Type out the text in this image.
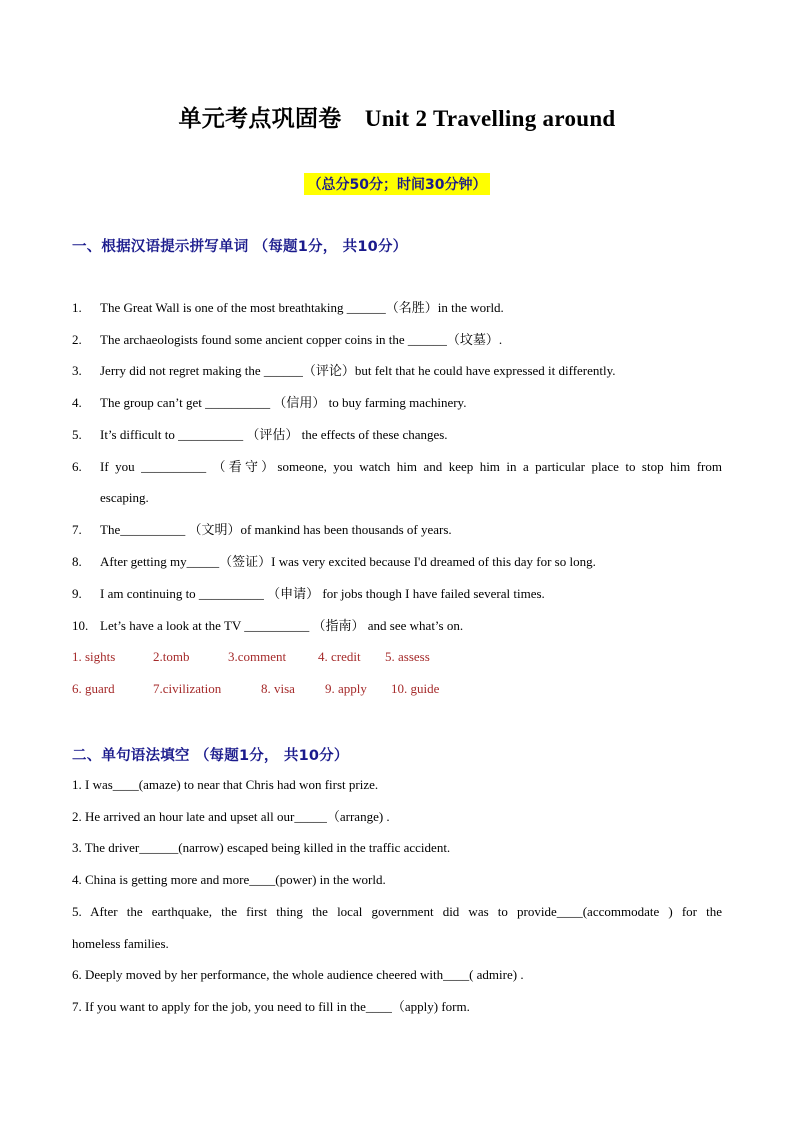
单元考点巩固卷　Unit 2 Travelling around
（总分50分；时间30分钟）
一、根据汉语提示拼写单词 （每题1分， 共10分）
1. The Great Wall is one of the most breathtaking ______（名胜）in the world.
2. The archaeologists found some ancient copper coins in the ______（坟墓）.
3. Jerry did not regret making the ______（评论）but felt that he could have expressed it differently.
4. The group can’t get __________ （信用） to buy farming machinery.
5. It’s difficult to __________ （评估） the effects of these changes.
6.	If you __________ （看守）someone, you watch him and keep him in a particular place to stop him from
escaping.
7. The__________ （文明）of mankind has been thousands of years.
8. After getting my_____（签证）I was very excited because I'd dreamed of this day for so long.
9. I am continuing to __________ （申请） for jobs though I have failed several times.
10. Let’s have a look at the TV __________ （指南） and see what’s on.
1. sights	2.tomb	3.comment 4. credit 5. assess
6. guard	7.civilization	8. visa 9. apply 10. guide
二、单句语法填空 （每题1分， 共10分）
1. I was____(amaze) to near that Chris had won first prize.
2. He arrived an hour late and upset all our_____（arrange) .
3. The driver______(narrow) escaped being killed in the traffic accident.
4. China is getting more and more____(power) in the world.
5. After the earthquake, the first thing the local government did was to provide____(accommodate ) for the
homeless families.
6. Deeply moved by her performance, the whole audience cheered with____( admire) .
7. If you want to apply for the job, you need to fill in the____（apply) form.
